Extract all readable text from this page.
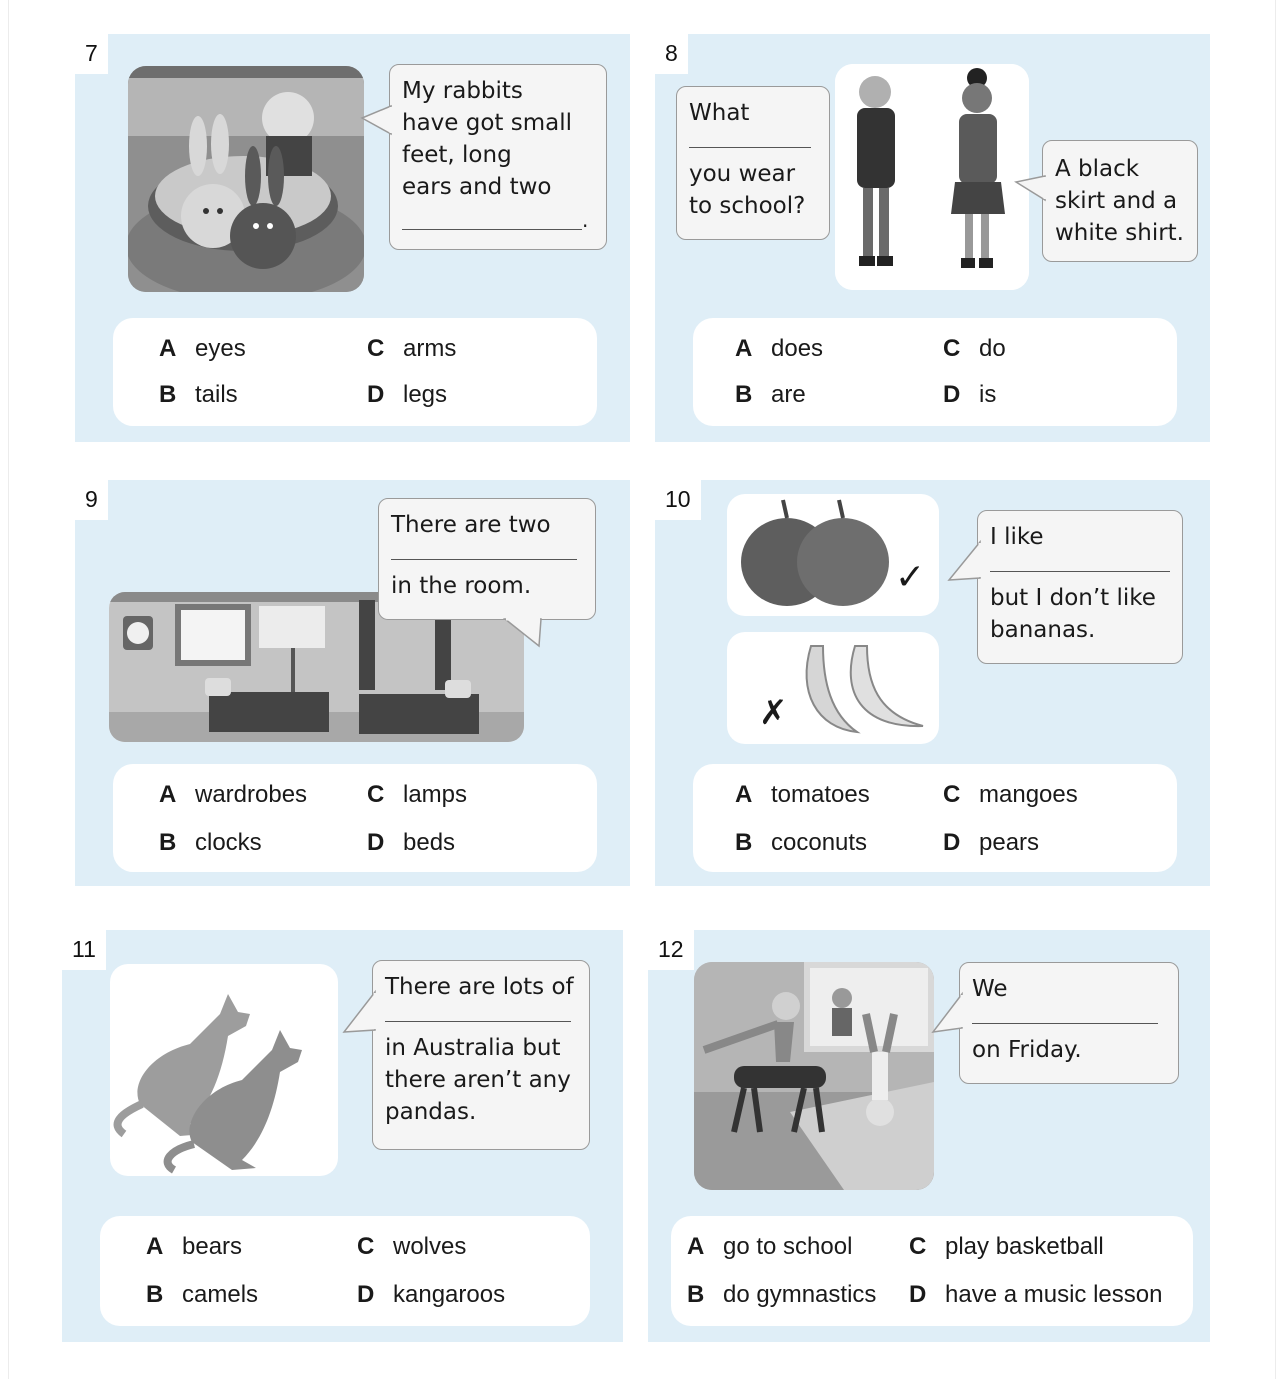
7
My rabbits
have got small
feet, long
ears and two
.
A eyes	C arms
B tails	D legs
8
What
you wear
to school?
A black
skirt and a
white shirt.
A does	C do
B are	D is
9
There are two
in the room.
A wardrobes C lamps
B clocks	D beds
10
✓
✗
I like
but I don’t like
bananas.
A tomatoes	C mangoes
B coconuts	D pears
11
There are lots of
in Australia but
there aren’t any
pandas.
A bears	C wolves
B camels	D kangaroos
12
We
on Friday.
A go to school C play basketball
B do gymnastics D have a music lesson
